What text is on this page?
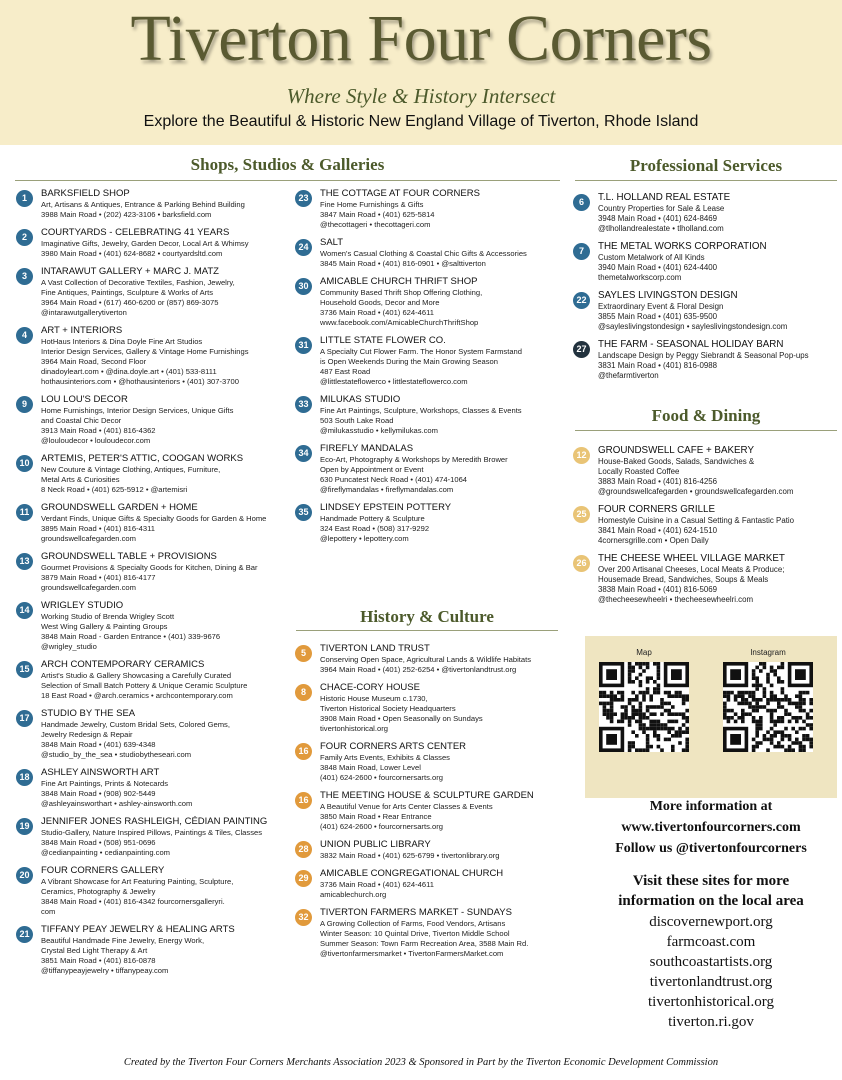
Tiverton Four Corners
Where Style & History Intersect
Explore the Beautiful & Historic New England Village of Tiverton, Rhode Island
Shops, Studios & Galleries	Professional Services
Food & Dining
History & Culture
1	BARKSFIELD SHOP
Art, Artisans & Antiques, Entrance & Parking Behind Building
3988 Main Road • (202) 423-3106 • barksfield.com
2	COURTYARDS - CELEBRATING 41 YEARS
Imaginative Gifts, Jewelry, Garden Decor, Local Art & Whimsy
3980 Main Road • (401) 624-8682 • courtyardsltd.com
3	INTARAWUT GALLERY + MARC J. MATZ
A Vast Collection of Decorative Textiles, Fashion, Jewelry,
Fine Antiques, Paintings, Sculpture & Works of Arts
3964 Main Road • (617) 460-6200 or (857) 869-3075
@intarawutgallerytiverton
4	ART + INTERIORS
HotHaus Interiors & Dina Doyle Fine Art Studios
Interior Design Services, Gallery & Vintage Home Furnishings
3964 Main Road, Second Floor
dinadoyleart.com • @dina.doyle.art • (401) 533-8111
hothausinteriors.com • @hothausinteriors • (401) 307-3700
9	LOU LOU'S DECOR
Home Furnishings, Interior Design Services, Unique Gifts
and Coastal Chic Decor
3913 Main Road • (401) 816-4362
@louloudecor • louloudecor.com
10	ARTEMIS, PETER'S ATTIC, COOGAN WORKS
New Couture & Vintage Clothing, Antiques, Furniture,
Metal Arts & Curiosities
8 Neck Road • (401) 625-5912 • @artemisri
11	GROUNDSWELL GARDEN + HOME
Verdant Finds, Unique Gifts & Specialty Goods for Garden & Home
3895 Main Road • (401) 816-4311
groundswellcafegarden.com
13	GROUNDSWELL TABLE + PROVISIONS
Gourmet Provisions & Specialty Goods for Kitchen, Dining & Bar
3879 Main Road • (401) 816-4177
groundswellcafegarden.com
14	WRIGLEY STUDIO
Working Studio of Brenda Wrigley Scott
West Wing Gallery & Painting Groups
3848 Main Road - Garden Entrance • (401) 339-9676
@wrigley_studio
15	ARCH CONTEMPORARY CERAMICS
Artist's Studio & Gallery Showcasing a Carefully Curated
Selection of Small Batch Pottery & Unique Ceramic Sculpture
18 East Road • @arch.ceramics • archcontemporary.com
17	STUDIO BY THE SEA
Handmade Jewelry, Custom Bridal Sets, Colored Gems,
Jewelry Redesign & Repair
3848 Main Road • (401) 639-4348
@studio_by_the_sea • studiobytheseari.com
18	ASHLEY AINSWORTH ART
Fine Art Paintings, Prints & Notecards
3848 Main Road • (908) 902-5449
@ashleyainsworthart • ashley-ainsworth.com
19	JENNIFER JONES RASHLEIGH, CÉDIAN PAINTING
Studio-Gallery, Nature Inspired Pillows, Paintings & Tiles, Classes
3848 Main Road • (508) 951-0696
@cedianpainting • cedianpainting.com
20	FOUR CORNERS GALLERY
A Vibrant Showcase for Art Featuring Painting, Sculpture,
Ceramics, Photography & Jewelry
3848 Main Road • (401) 816-4342 fourcornersgalleryri.
com
21	TIFFANY PEAY JEWELRY & HEALING ARTS
Beautiful Handmade Fine Jewelry, Energy Work,
Crystal Bed Light Therapy & Art
3851 Main Road • (401) 816-0878
@tiffanypeayjewelry • tiffanypeay.com
23	THE COTTAGE AT FOUR CORNERS
Fine Home Furnishings & Gifts
3847 Main Road • (401) 625-5814
@thecottageri • thecottageri.com
24	SALT
Women's Casual Clothing & Coastal Chic Gifts & Accessories
3845 Main Road • (401) 816-0901 • @salttiverton
30	AMICABLE CHURCH THRIFT SHOP
Community Based Thrift Shop Offering Clothing,
Household Goods, Decor and More
3736 Main Road • (401) 624-4611
www.facebook.com/AmicableChurchThriftShop
31	LITTLE STATE FLOWER CO.
A Specialty Cut Flower Farm. The Honor System Farmstand
is Open Weekends During the Main Growing Season
487 East Road
@littlestateflowerco • littlestateflowerco.com
33	MILUKAS STUDIO
Fine Art Paintings, Sculpture, Workshops, Classes & Events
503 South Lake Road
@milukasstudio • kellymilukas.com
34	FIREFLY MANDALAS
Eco-Art, Photography & Workshops by Meredith Brower
Open by Appointment or Event
630 Puncatest Neck Road • (401) 474-1064
@fireflymandalas • fireflymandalas.com
35	LINDSEY EPSTEIN POTTERY
Handmade Pottery & Sculpture
324 East Road • (508) 317-9292
@lepottery • lepottery.com
5	TIVERTON LAND TRUST
Conserving Open Space, Agricultural Lands & Wildlife Habitats
3964 Main Road • (401) 252-6254 • @tivertonlandtrust.org
8	CHACE-CORY HOUSE
Historic House Museum c.1730,
Tiverton Historical Society Headquarters
3908 Main Road • Open Seasonally on Sundays
tivertonhistorical.org
16	FOUR CORNERS ARTS CENTER
Family Arts Events, Exhibits & Classes
3848 Main Road, Lower Level
(401) 624-2600 • fourcornersarts.org
16	THE MEETING HOUSE & SCULPTURE GARDEN
A Beautiful Venue for Arts Center Classes & Events
3850 Main Road • Rear Entrance
(401) 624-2600 • fourcornersarts.org
28	UNION PUBLIC LIBRARY
3832 Main Road • (401) 625-6799 • tivertonlibrary.org
29	AMICABLE CONGREGATIONAL CHURCH
3736 Main Road • (401) 624-4611
amicablechurch.org
32	TIVERTON FARMERS MARKET - SUNDAYS
A Growing Collection of Farms, Food Vendors, Artisans
Winter Season: 10 Quintal Drive, Tiverton Middle School
Summer Season: Town Farm Recreation Area, 3588 Main Rd.
@tivertonfarmersmarket • TivertonFarmersMarket.com
6	T.L. HOLLAND REAL ESTATE
Country Properties for Sale & Lease
3948 Main Road • (401) 624-8469
@tlhollandrealestate • tlholland.com
7	THE METAL WORKS CORPORATION
Custom Metalwork of All Kinds
3940 Main Road • (401) 624-4400
themetalworkscorp.com
22	SAYLES LIVINGSTON DESIGN
Extraordinary Event & Floral Design
3855 Main Road • (401) 635-9500
@sayleslivingstondesign • sayleslivingstondesign.com
27	THE FARM - SEASONAL HOLIDAY BARN
Landscape Design by Peggy Siebrandt & Seasonal Pop-ups
3831 Main Road • (401) 816-0988
@thefarmtiverton
12	GROUNDSWELL CAFE + BAKERY
House-Baked Goods, Salads, Sandwiches &
Locally Roasted Coffee
3883 Main Road • (401) 816-4256
@groundswellcafegarden • groundswellcafegarden.com
25	FOUR CORNERS GRILLE
Homestyle Cuisine in a Casual Setting & Fantastic Patio
3841 Main Road • (401) 624-1510
4cornersgrille.com • Open Daily
26	THE CHEESE WHEEL VILLAGE MARKET
Over 200 Artisanal Cheeses, Local Meats & Produce;
Housemade Bread, Sandwiches, Soups & Meals
3838 Main Road • (401) 816-5069
@thecheesewheelri • thecheesewheelri.com
Map	Instagram
More information at
www.tivertonfourcorners.com
Follow us @tivertonfourcorners
Visit these sites for more
information on the local area
discovernewport.org
farmcoast.com
southcoastartists.org
tivertonlandtrust.org
tivertonhistorical.org
tiverton.ri.gov
Created by the Tiverton Four Corners Merchants Association 2023 & Sponsored in Part by the Tiverton Economic Development Commission
